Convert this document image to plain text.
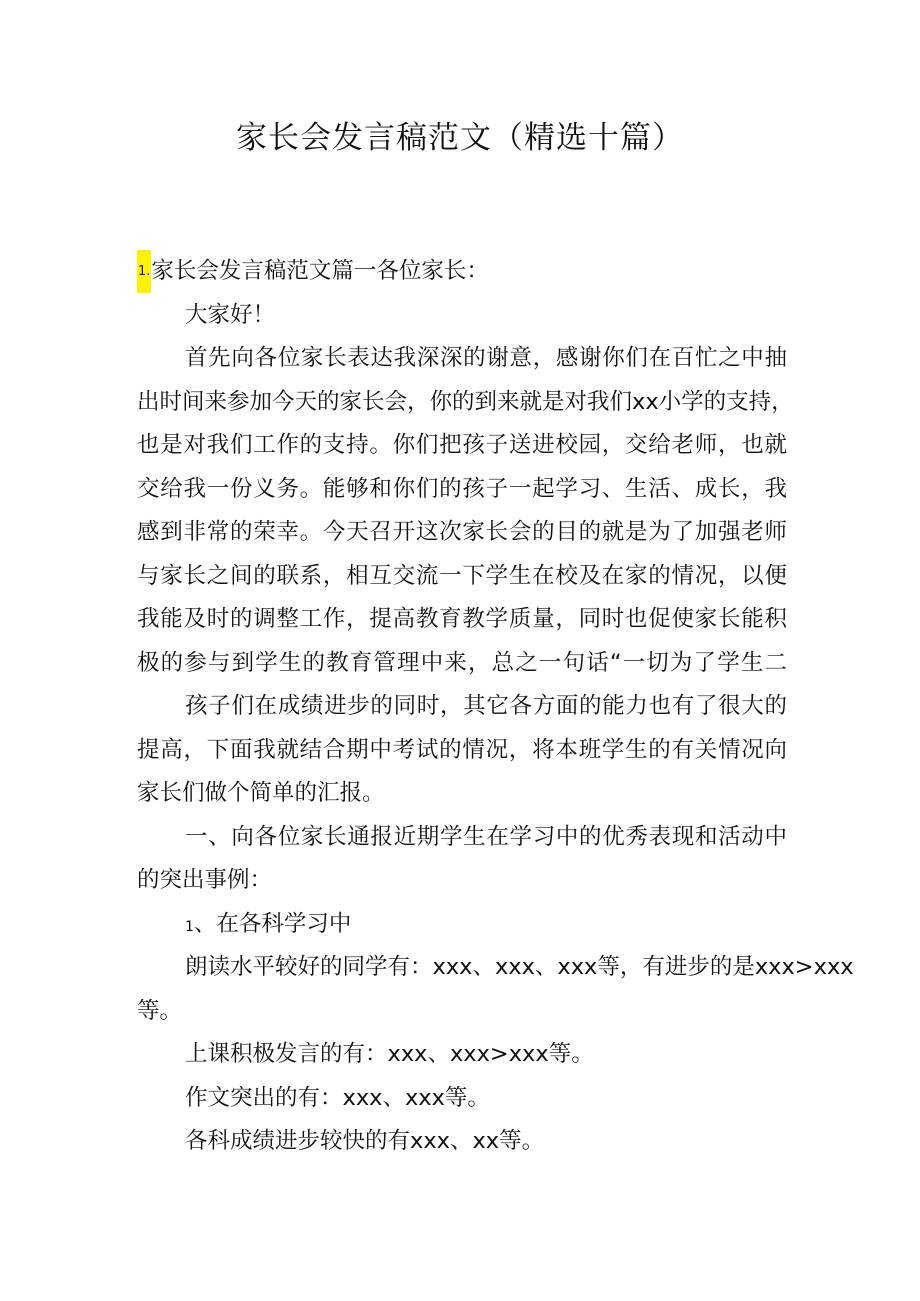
家长会发言稿范文（精选十篇）
1.家长会发言稿范文篇一各位家长：
大家好！
首先向各位家长表达我深深的谢意，感谢你们在百忙之中抽
出时间来参加今天的家长会，你的到来就是对我们xx小学的支持，
也是对我们工作的支持。你们把孩子送进校园，交给老师，也就
交给我一份义务。能够和你们的孩子一起学习、生活、成长，我
感到非常的荣幸。今天召开这次家长会的目的就是为了加强老师
与家长之间的联系，相互交流一下学生在校及在家的情况，以便
我能及时的调整工作，提高教育教学质量，同时也促使家长能积
极的参与到学生的教育管理中来，总之一句话“一切为了学生二
孩子们在成绩进步的同时，其它各方面的能力也有了很大的
提高，下面我就结合期中考试的情况，将本班学生的有关情况向
家长们做个简单的汇报。
一、向各位家长通报近期学生在学习中的优秀表现和活动中
的突出事例：
1、在各科学习中
朗读水平较好的同学有：xxx、xxx、xxx等，有进步的是xxx>xxx
等。
上课积极发言的有：xxx、xxx>xxx等。
作文突出的有：xxx、xxx等。
各科成绩进步较快的有xxx、xx等。
